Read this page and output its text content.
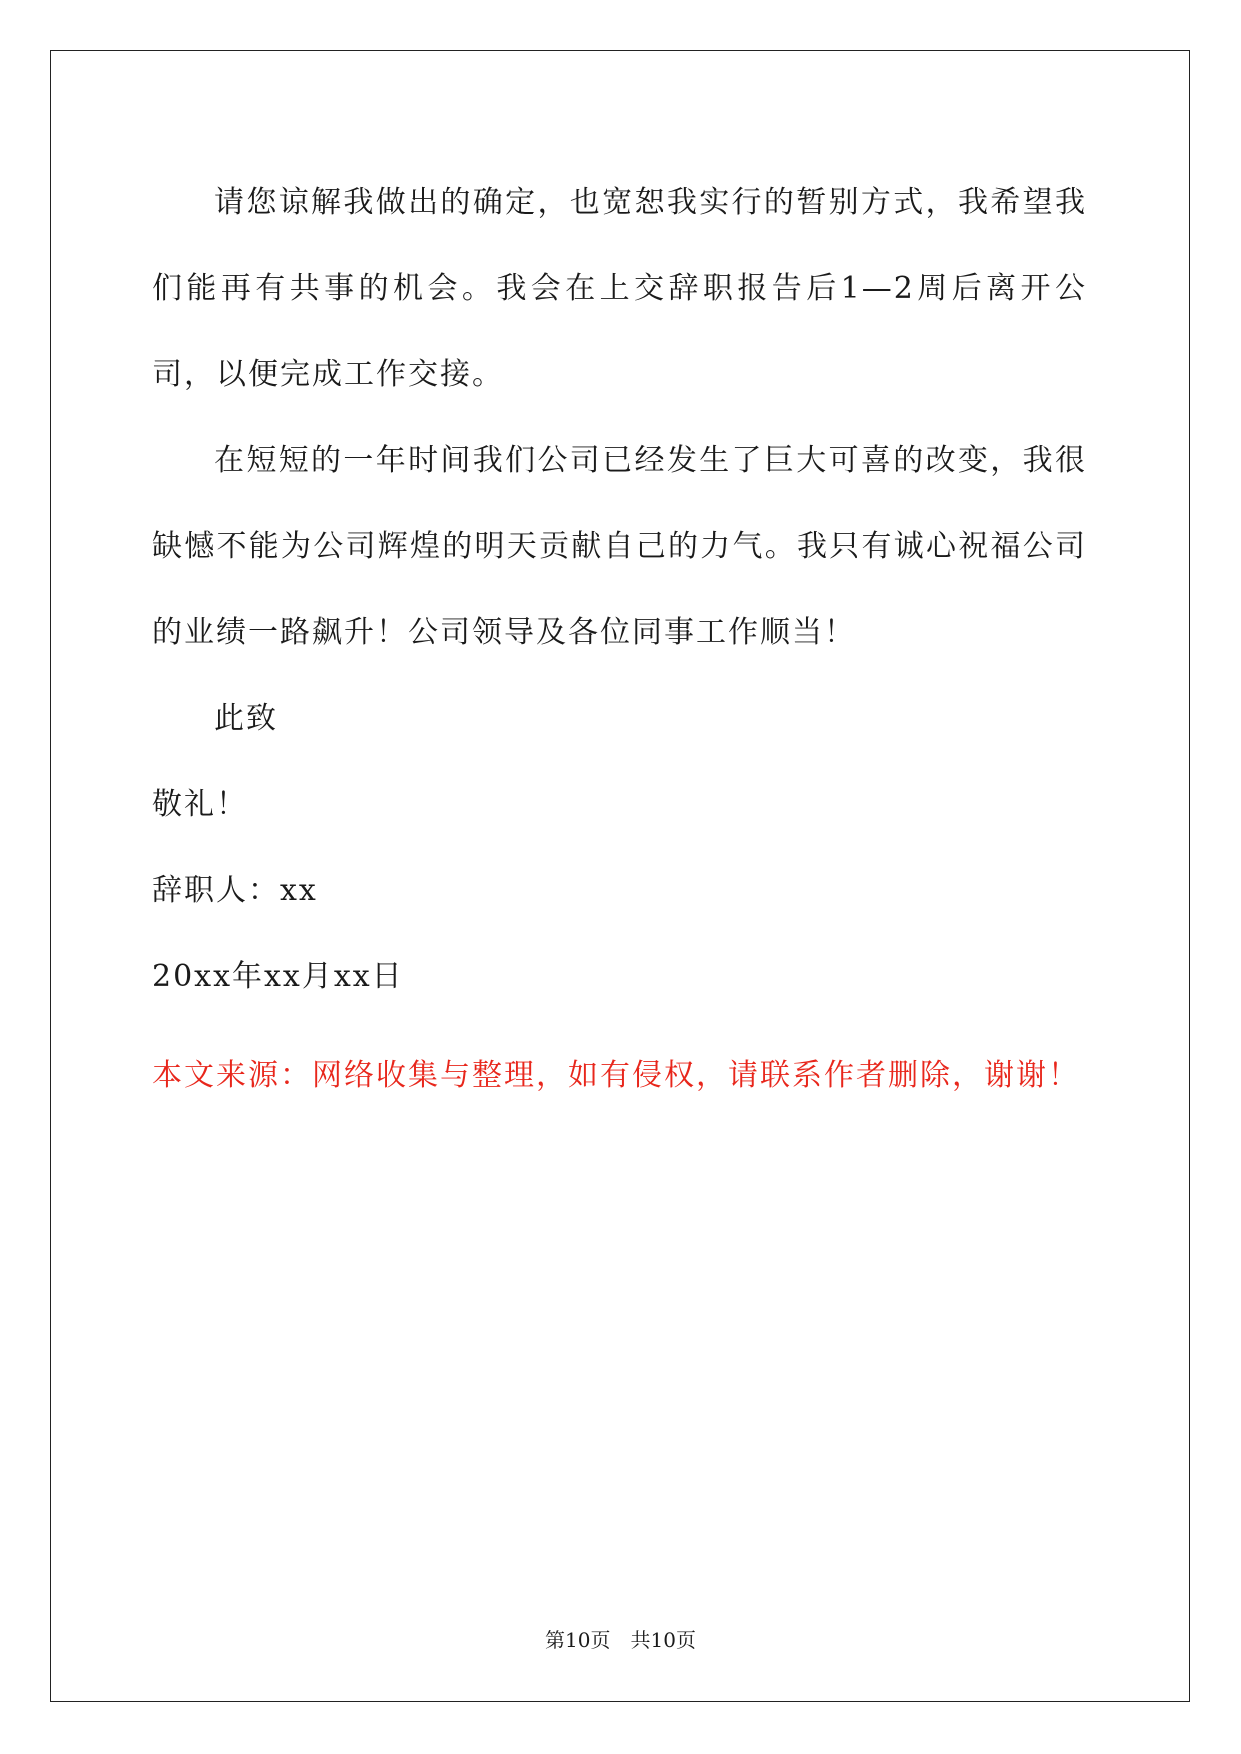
请您谅解我做出的确定，也宽恕我实行的暂别方式，我希望我们能再有共事的机会。我会在上交辞职报告后1—2周后离开公司，以便完成工作交接。

在短短的一年时间我们公司已经发生了巨大可喜的改变，我很缺憾不能为公司辉煌的明天贡献自己的力气。我只有诚心祝福公司的业绩一路飙升！公司领导及各位同事工作顺当！

此致

敬礼！

辞职人：xx

20xx年xx月xx日

本文来源：网络收集与整理，如有侵权，请联系作者删除，谢谢！

第10页　共10页
